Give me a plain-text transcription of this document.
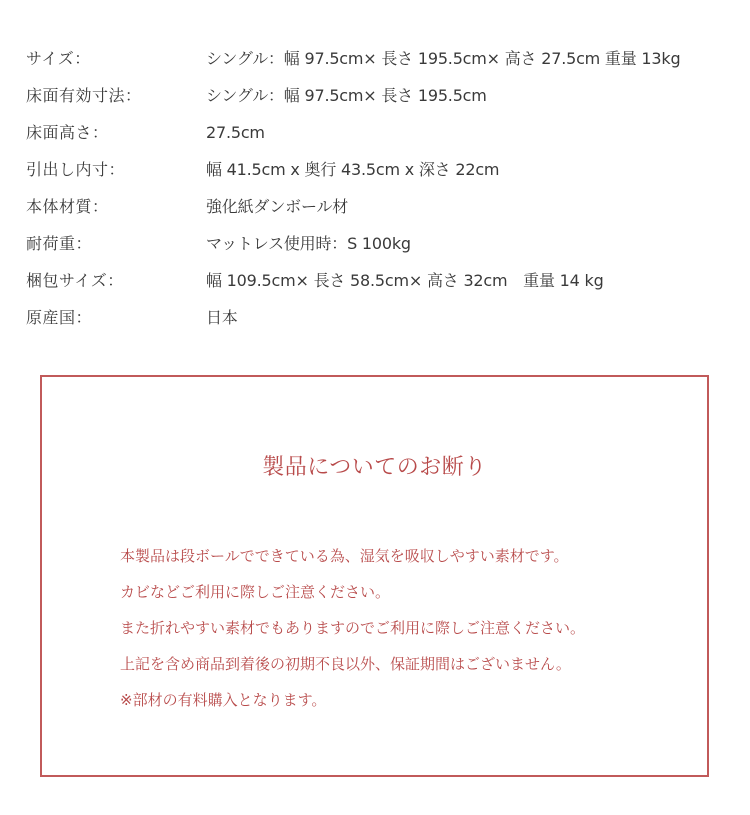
サイズ：	シングル：幅 97.5cm× 長さ 195.5cm× 高さ 27.5cm 重量 13kg
床面有効寸法：	シングル：幅 97.5cm× 長さ 195.5cm
床面高さ：	27.5cm
引出し内寸：	幅 41.5cm x 奥行 43.5cm x 深さ 22cm
本体材質：	強化紙ダンボール材
耐荷重：	マットレス使用時：S 100kg
梱包サイズ：	幅 109.5cm× 長さ 58.5cm× 高さ 32cm　重量 14 kg
原産国：	日本
製品についてのお断り
本製品は段ボールでできている為、湿気を吸収しやすい素材です。
カビなどご利用に際しご注意ください。
また折れやすい素材でもありますのでご利用に際しご注意ください。
上記を含め商品到着後の初期不良以外、保証期間はございません。
※部材の有料購入となります。
